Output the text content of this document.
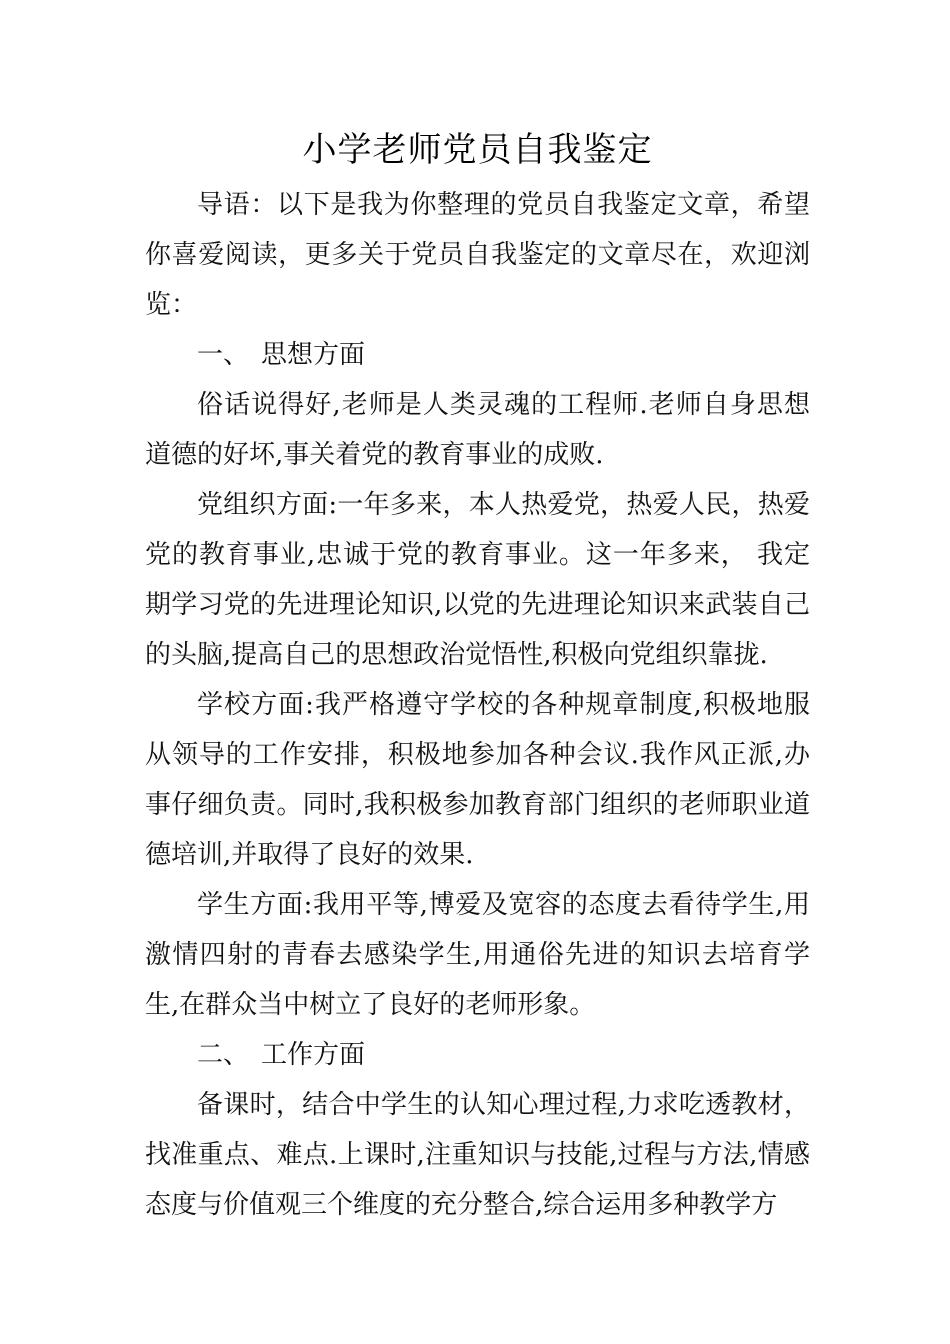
小学老师党员自我鉴定

导语：以下是我为你整理的党员自我鉴定文章，希望你喜爱阅读，更多关于党员自我鉴定的文章尽在，欢迎浏览：

一、 思想方面

俗话说得好,老师是人类灵魂的工程师.老师自身思想道德的好坏,事关着党的教育事业的成败.

党组织方面:一年多来，本人热爱党，热爱人民，热爱党的教育事业,忠诚于党的教育事业。这一年多来， 我定期学习党的先进理论知识,以党的先进理论知识来武装自己的头脑,提高自己的思想政治觉悟性,积极向党组织靠拢.

学校方面:我严格遵守学校的各种规章制度,积极地服从领导的工作安排，积极地参加各种会议.我作风正派,办事仔细负责。同时,我积极参加教育部门组织的老师职业道德培训,并取得了良好的效果.

学生方面:我用平等,博爱及宽容的态度去看待学生,用激情四射的青春去感染学生,用通俗先进的知识去培育学生,在群众当中树立了良好的老师形象。

二、 工作方面

备课时，结合中学生的认知心理过程,力求吃透教材，找准重点、难点.上课时,注重知识与技能,过程与方法,情感态度与价值观三个维度的充分整合,综合运用多种教学方
